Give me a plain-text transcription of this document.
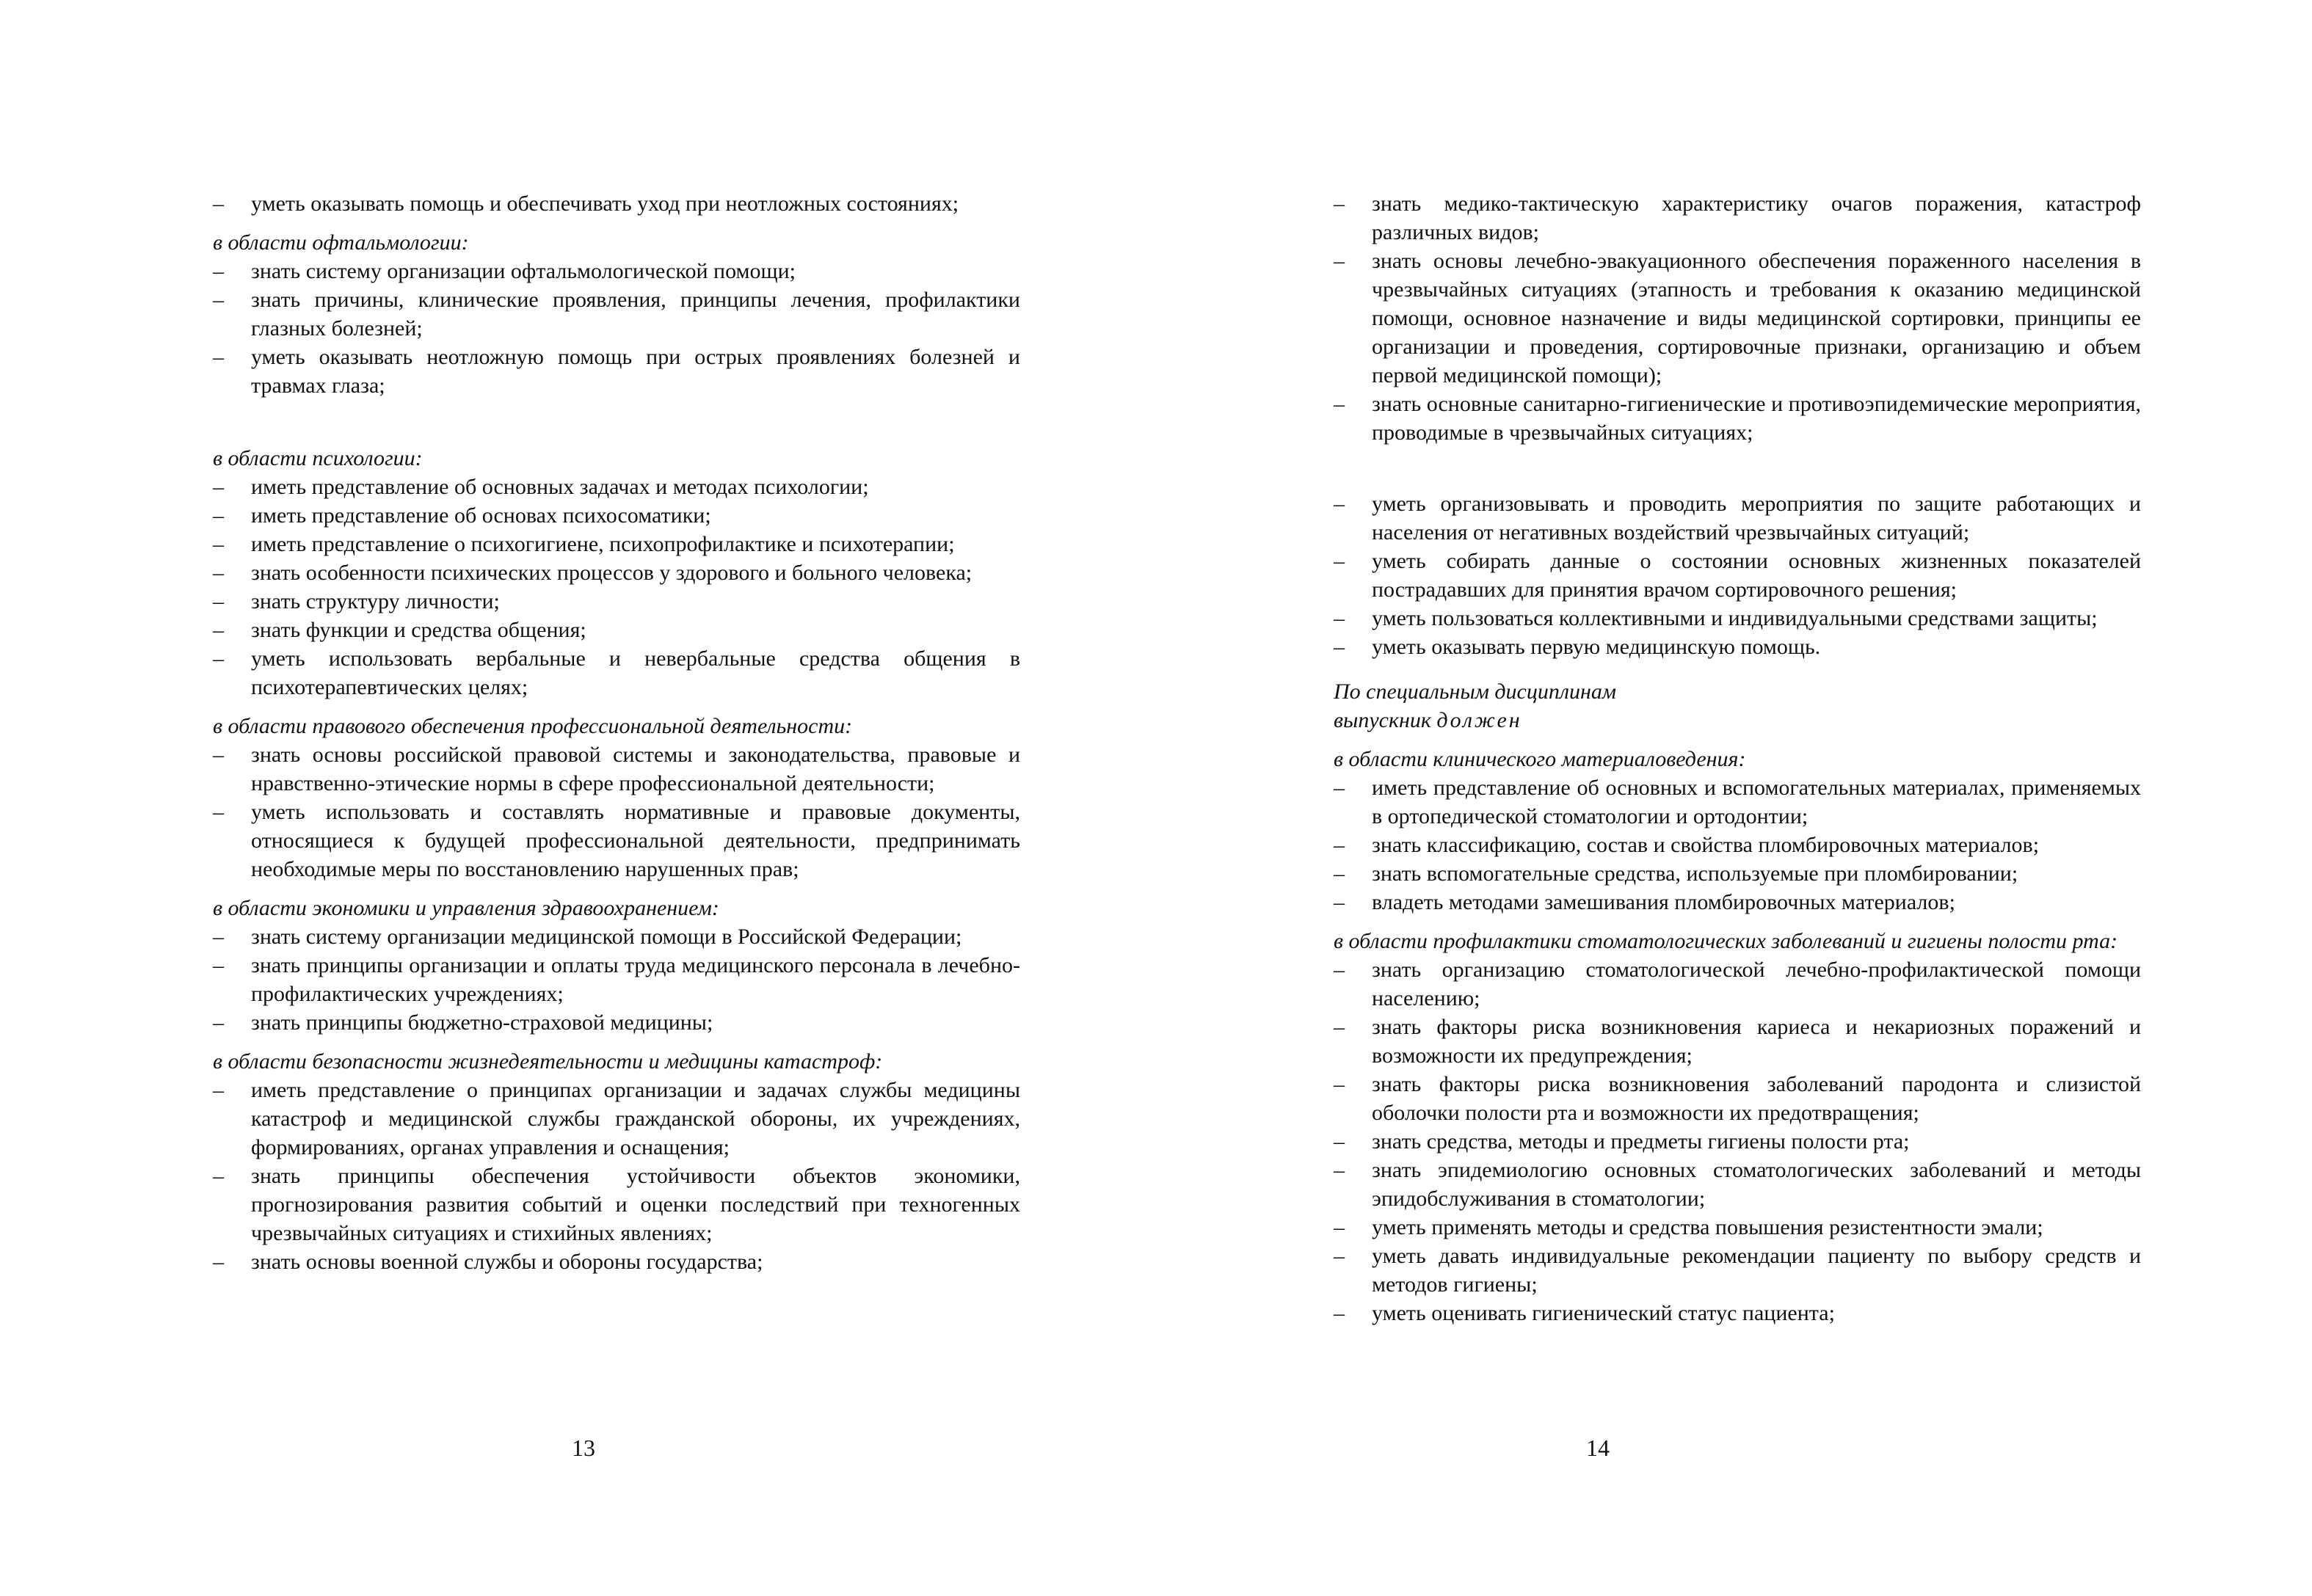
–	уметь оказывать помощь и обеспечивать уход при неотложных состояниях;

в области офтальмологии:

–	знать систему организации офтальмологической помощи;
–	знать причины, клинические проявления, принципы лечения, профилактики глазных болезней;
–	уметь оказывать неотложную помощь при острых проявлениях болезней и травмах глаза;

в области психологии:

–	иметь представление об основных задачах и методах психологии;
–	иметь представление об основах психосоматики;
–	иметь представление о психогигиене, психопрофилактике и психотерапии;
–	знать особенности психических процессов у здорового и больного человека;
–	знать структуру личности;
–	знать функции и средства общения;
–	уметь использовать вербальные и невербальные средства общения в психотерапевтических целях;

в области правового обеспечения профессиональной деятельности:

–	знать основы российской правовой системы и законодательства, правовые и нравственно-этические нормы в сфере профессиональной деятельности;
–	уметь использовать и составлять нормативные и правовые документы, относящиеся к будущей профессиональной деятельности, предпринимать необходимые меры по восстановлению нарушенных прав;

в области экономики и управления здравоохранением:

–	знать систему организации медицинской помощи в Российской Федерации;
–	знать принципы организации и оплаты труда медицинского персонала в лечебно-профилактических учреждениях;
–	знать принципы бюджетно-страховой медицины;

в области безопасности жизнедеятельности и медицины катастроф:

–	иметь представление о принципах организации и задачах службы медицины катастроф и медицинской службы гражданской обороны, их учреждениях, формированиях, органах управления и оснащения;
–	знать принципы обеспечения устойчивости объектов экономики, прогнозирования развития событий и оценки последствий при техногенных чрезвычайных ситуациях и стихийных явлениях;
–	знать основы военной службы и обороны государства;
13
–	знать медико-тактическую характеристику очагов поражения, катастроф различных видов;
–	знать основы лечебно-эвакуационного обеспечения пораженного населения в чрезвычайных ситуациях (этапность и требования к оказанию медицинской помощи, основное назначение и виды медицинской сортировки, принципы ее организации и проведения, сортировочные признаки, организацию и объем первой медицинской помощи);
–	знать основные санитарно-гигиенические и противоэпидемические мероприятия, проводимые в чрезвычайных ситуациях;
–	уметь организовывать и проводить мероприятия по защите работающих и населения от негативных воздействий чрезвычайных ситуаций;
–	уметь собирать данные о состоянии основных жизненных показателей пострадавших для принятия врачом сортировочного решения;
–	уметь пользоваться коллективными и индивидуальными средствами защиты;
–	уметь оказывать первую медицинскую помощь.

По специальным дисциплинам
выпускник должен

в области клинического материаловедения:

–	иметь представление об основных и вспомогательных материалах, применяемых в ортопедической стоматологии и ортодонтии;
–	знать классификацию, состав и свойства пломбировочных материалов;
–	знать вспомогательные средства, используемые при пломбировании;
–	владеть методами замешивания пломбировочных материалов;

в области профилактики стоматологических заболеваний и гигиены полости рта:

–	знать организацию стоматологической лечебно-профилактической помощи населению;
–	знать факторы риска возникновения кариеса и некариозных поражений и возможности их предупреждения;
–	знать факторы риска возникновения заболеваний пародонта и слизистой оболочки полости рта и возможности их предотвращения;
–	знать средства, методы и предметы гигиены полости рта;
–	знать эпидемиологию основных стоматологических заболеваний и методы эпидобслуживания в стоматологии;
–	уметь применять методы и средства повышения резистентности эмали;
–	уметь давать индивидуальные рекомендации пациенту по выбору средств и методов гигиены;
–	уметь оценивать гигиенический статус пациента;
14
